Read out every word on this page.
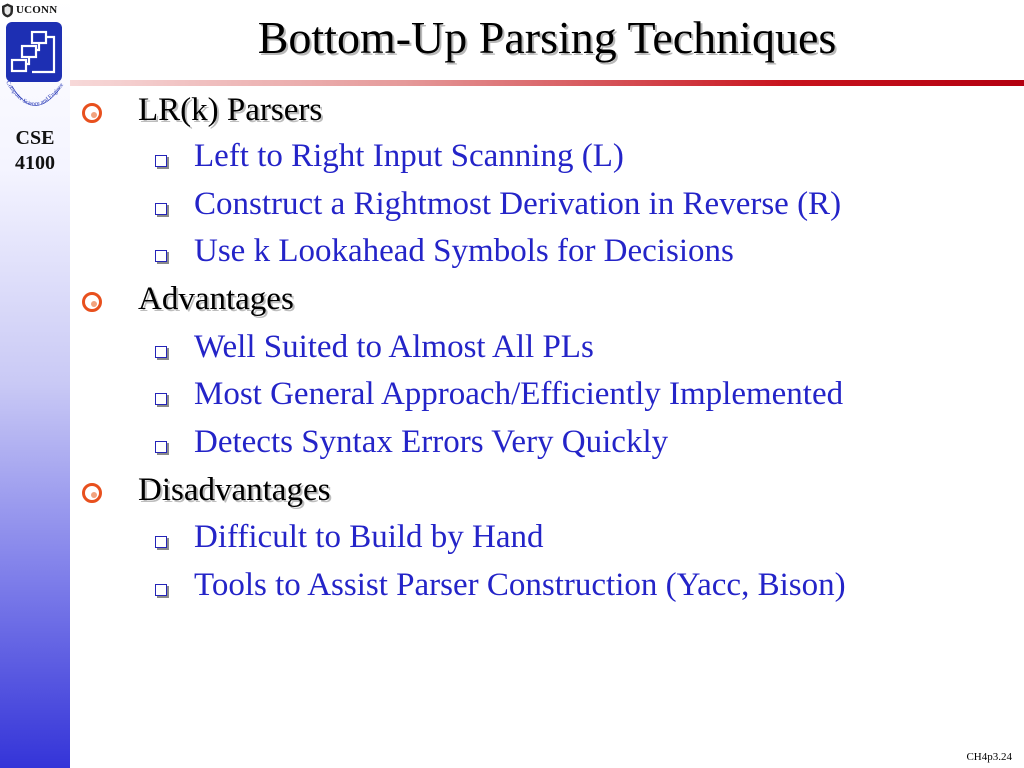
UCONN
Computer Science and Enginee
CSE
4100
Bottom-Up Parsing Techniques
LR(k) Parsers
Left to Right Input Scanning (L)
Construct a Rightmost Derivation in Reverse (R)
Use k Lookahead Symbols for Decisions
Advantages
Well Suited to Almost All PLs
Most General Approach/Efficiently Implemented
Detects Syntax Errors Very Quickly
Disadvantages
Difficult to Build by Hand
Tools to Assist Parser Construction (Yacc, Bison)
CH4p3.24
